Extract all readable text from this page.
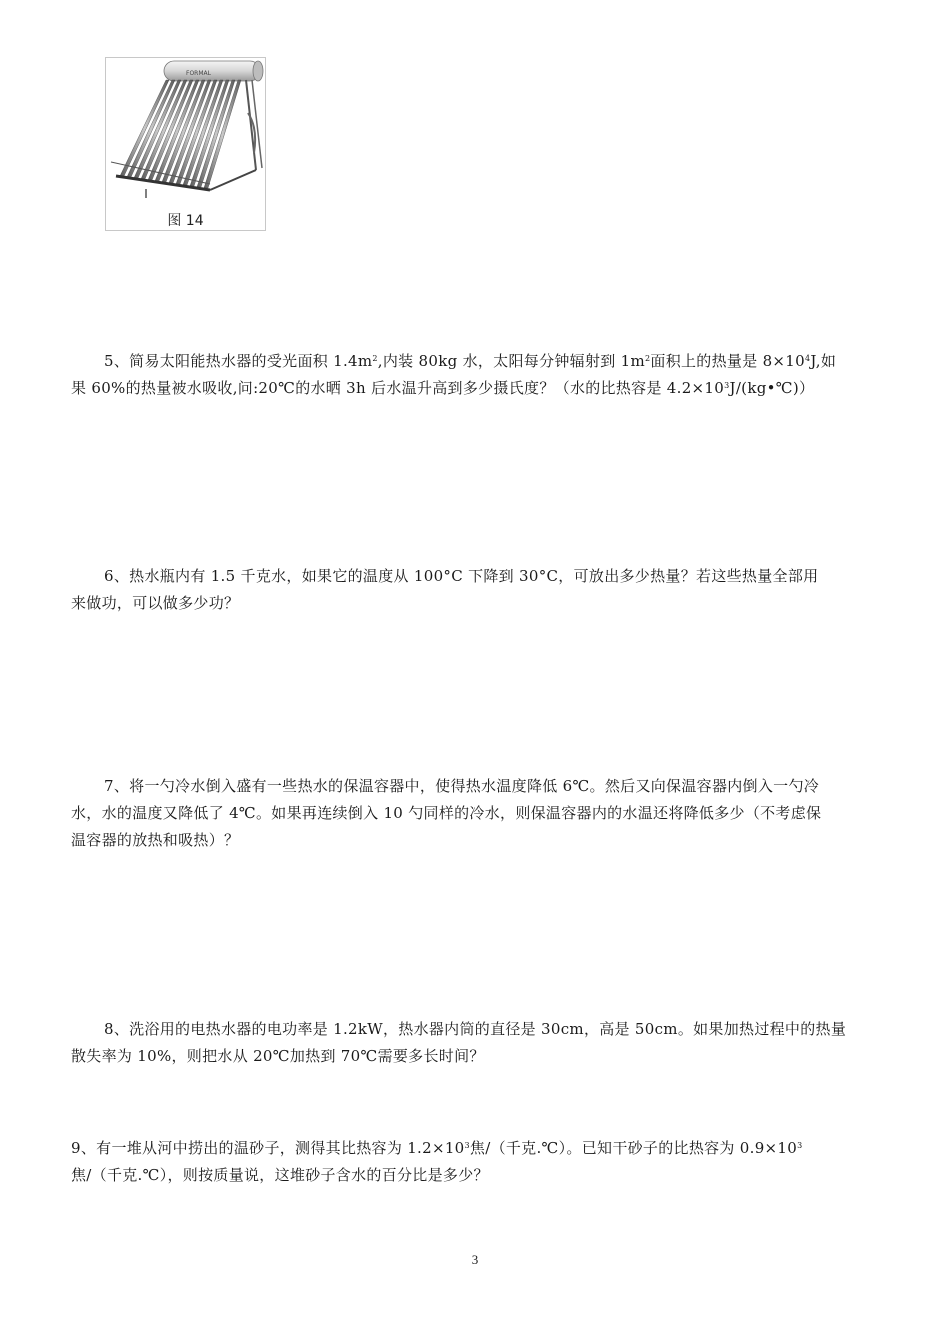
FORMAL
图 14
5、简易太阳能热水器的受光面积 $1.4m^2$,内装 80kg 水，太阳每分钟辐射到 $1m^2$面积上的热量是 $8\times 10^4J$,如
果 60%的热量被水吸收,问:20℃的水晒 3h 后水温升高到多少摄氏度？（水的比热容是 $4.2\times 10^3J/(kg•℃)$）
6、热水瓶内有 1.5 千克水，如果它的温度从 100°C 下降到 30°C，可放出多少热量？若这些热量全部用
来做功，可以做多少功？
7、将一勺冷水倒入盛有一些热水的保温容器中，使得热水温度降低 6℃。然后又向保温容器内倒入一勺冷
水，水的温度又降低了 4℃。如果再连续倒入 10 勺同样的冷水，则保温容器内的水温还将降低多少（不考虑保
温容器的放热和吸热）？
8、洗浴用的电热水器的电功率是 1.2kW，热水器内筒的直径是 30cm，高是 50cm。如果加热过程中的热量
散失率为 10%，则把水从 20℃加热到 70℃需要多长时间？
9、有一堆从河中捞出的温砂子，测得其比热容为 $1.2\times 10^3$焦/（千克.℃）。已知干砂子的比热容为 $0.9\times 10^3$
焦/（千克.℃），则按质量说，这堆砂子含水的百分比是多少？
3
